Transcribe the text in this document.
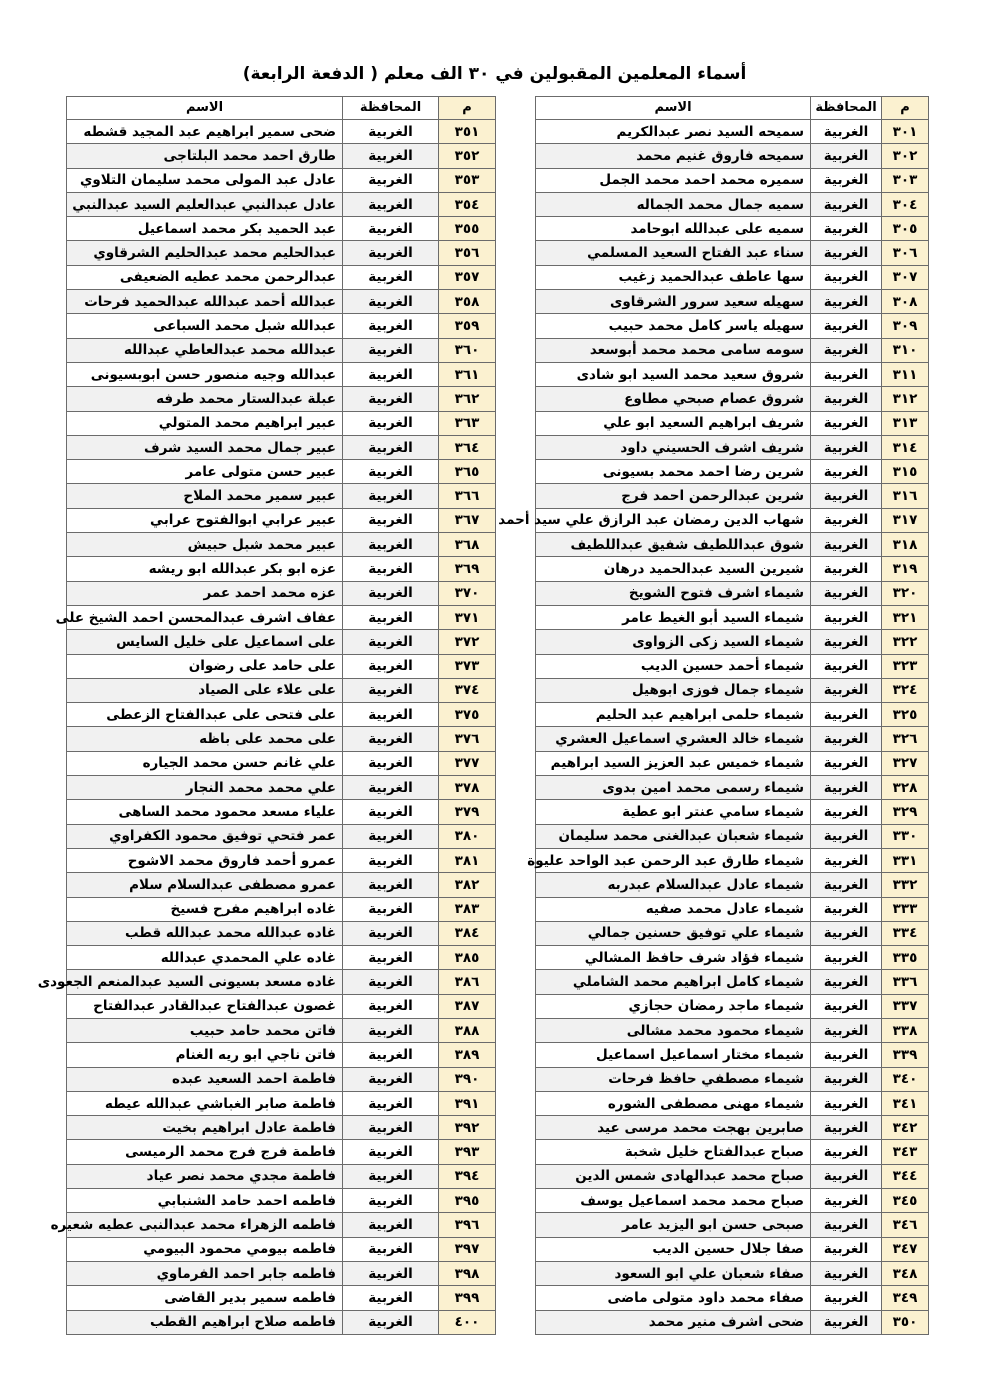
أسماء المعلمين المقبولين في ٣٠ الف معلم ( الدفعة الرابعة)
م	المحافظة	الاسم
٣٠١	الغربية	سميحه السيد نصر عبدالكريم
٣٠٢	الغربية	سميحه فاروق غنيم محمد
٣٠٣	الغربية	سميره محمد احمد محمد الجمل
٣٠٤	الغربية	سميه جمال محمد الجماله
٣٠٥	الغربية	سميه على عبدالله ابوحامد
٣٠٦	الغربية	سناء عبد الفتاح السعيد المسلمي
٣٠٧	الغربية	سها عاطف عبدالحميد زغيب
٣٠٨	الغربية	سهيله سعيد سرور الشرقاوى
٣٠٩	الغربية	سهيله ياسر كامل محمد حبيب
٣١٠	الغربية	سومه سامى محمد محمد أبوسعد
٣١١	الغربية	شروق سعيد محمد السيد ابو شادى
٣١٢	الغربية	شروق عصام صبحي مطاوع
٣١٣	الغربية	شريف ابراهيم السعيد ابو علي
٣١٤	الغربية	شريف اشرف الحسيني داود
٣١٥	الغربية	شرين رضا احمد محمد بسيونى
٣١٦	الغربية	شرين عبدالرحمن احمد فرج
٣١٧	الغربية	شهاب الدين رمضان عبد الرازق علي سيد أحمد
٣١٨	الغربية	شوق عبداللطيف شفيق عبداللطيف
٣١٩	الغربية	شيرين السيد عبدالحميد درهان
٣٢٠	الغربية	شيماء اشرف فتوح الشويخ
٣٢١	الغربية	شيماء السيد أبو الغيط عامر
٣٢٢	الغربية	شيماء السيد زكى الزواوى
٣٢٣	الغربية	شيماء أحمد حسين الديب
٣٢٤	الغربية	شيماء جمال فوزى ابوهيل
٣٢٥	الغربية	شيماء حلمى ابراهيم عبد الحليم
٣٢٦	الغربية	شيماء خالد العشري اسماعيل العشري
٣٢٧	الغربية	شيماء خميس عبد العزيز السيد ابراهيم
٣٢٨	الغربية	شيماء رسمى محمد امين بدوى
٣٢٩	الغربية	شيماء سامي عنتر ابو عطية
٣٣٠	الغربية	شيماء شعبان عبدالغنى محمد سليمان
٣٣١	الغربية	شيماء طارق عبد الرحمن عبد الواحد عليوة
٣٣٢	الغربية	شيماء عادل عبدالسلام عبدربه
٣٣٣	الغربية	شيماء عادل محمد صفيه
٣٣٤	الغربية	شيماء علي توفيق حسنين جمالي
٣٣٥	الغربية	شيماء فؤاد شرف حافظ المشالي
٣٣٦	الغربية	شيماء كامل ابراهيم محمد الشاملي
٣٣٧	الغربية	شيماء ماجد رمضان حجازي
٣٣٨	الغربية	شيماء محمود محمد مشالى
٣٣٩	الغربية	شيماء مختار اسماعيل اسماعيل
٣٤٠	الغربية	شيماء مصطفي حافظ فرحات
٣٤١	الغربية	شيماء مهنى مصطفى الشوره
٣٤٢	الغربية	صابرين بهجت محمد مرسى عيد
٣٤٣	الغربية	صباح عبدالفتاح خليل شخبة
٣٤٤	الغربية	صباح محمد عبدالهادى شمس الدين
٣٤٥	الغربية	صباح محمد محمد اسماعيل يوسف
٣٤٦	الغربية	صبحى حسن ابو اليزيد عامر
٣٤٧	الغربية	صفا جلال حسين الديب
٣٤٨	الغربية	صفاء شعبان علي ابو السعود
٣٤٩	الغربية	صفاء محمد داود متولى ماضى
٣٥٠	الغربية	ضحى اشرف منير محمد
م	المحافظة	الاسم
٣٥١	الغربية	ضحى سمير ابراهيم عبد المجيد قشطه
٣٥٢	الغربية	طارق احمد محمد البلتاجى
٣٥٣	الغربية	عادل عبد المولى محمد سليمان التلاوي
٣٥٤	الغربية	عادل عبدالنبي عبدالعليم السيد عبدالنبي
٣٥٥	الغربية	عبد الحميد بكر محمد اسماعيل
٣٥٦	الغربية	عبدالحليم محمد عبدالحليم الشرقاوي
٣٥٧	الغربية	عبدالرحمن محمد عطيه الضعيفى
٣٥٨	الغربية	عبدالله أحمد عبدالله عبدالحميد فرحات
٣٥٩	الغربية	عبدالله شبل محمد السباعى
٣٦٠	الغربية	عبدالله محمد عبدالعاطي عبدالله
٣٦١	الغربية	عبدالله وجيه منصور حسن ابوبسيونى
٣٦٢	الغربية	عبلة عبدالستار محمد طرفه
٣٦٣	الغربية	عبير ابراهيم محمد المتولي
٣٦٤	الغربية	عبير جمال محمد السيد شرف
٣٦٥	الغربية	عبير حسن متولى عامر
٣٦٦	الغربية	عبير سمير محمد الملاح
٣٦٧	الغربية	عبير عرابي ابوالفتوح عرابي
٣٦٨	الغربية	عبير محمد شبل حبيش
٣٦٩	الغربية	عزه ابو بكر عبدالله ابو ريشه
٣٧٠	الغربية	عزه محمد احمد عمر
٣٧١	الغربية	عفاف اشرف عبدالمحسن احمد الشيخ على
٣٧٢	الغربية	على اسماعيل على خليل السايس
٣٧٣	الغربية	على حامد على رضوان
٣٧٤	الغربية	على علاء على الصياد
٣٧٥	الغربية	على فتحى على عبدالفتاح الزعطى
٣٧٦	الغربية	على محمد على باظه
٣٧٧	الغربية	علي غانم حسن محمد الجياره
٣٧٨	الغربية	علي محمد محمد النجار
٣٧٩	الغربية	علياء مسعد محمود محمد الساهى
٣٨٠	الغربية	عمر فتحي توفيق محمود الكفراوي
٣٨١	الغربية	عمرو أحمد فاروق محمد الاشوح
٣٨٢	الغربية	عمرو مصطفى عبدالسلام سلام
٣٨٣	الغربية	غاده ابراهيم مفرح فسيخ
٣٨٤	الغربية	غاده عبدالله محمد عبدالله قطب
٣٨٥	الغربية	غاده علي المحمدي عبدالله
٣٨٦	الغربية	غاده مسعد بسيونى السيد عبدالمنعم الجعودى
٣٨٧	الغربية	غصون عبدالفتاح عبدالقادر عبدالفتاح
٣٨٨	الغربية	فاتن محمد حامد حبيب
٣٨٩	الغربية	فاتن ناجي ابو ريه الغنام
٣٩٠	الغربية	فاطمة احمد السعيد عبده
٣٩١	الغربية	فاطمة صابر الغباشي عبدالله عيطه
٣٩٢	الغربية	فاطمة عادل ابراهيم بخيت
٣٩٣	الغربية	فاطمة فرج فرج محمد الرميسى
٣٩٤	الغربية	فاطمة مجدي محمد نصر عياد
٣٩٥	الغربية	فاطمه احمد حامد الشنبابي
٣٩٦	الغربية	فاطمه الزهراء محمد عبدالنبى عطيه شعيره
٣٩٧	الغربية	فاطمه بيومي محمود البيومي
٣٩٨	الغربية	فاطمه جابر احمد الفرماوي
٣٩٩	الغربية	فاطمه سمير بدير القاضى
٤٠٠	الغربية	فاطمه صلاح ابراهيم القطب
